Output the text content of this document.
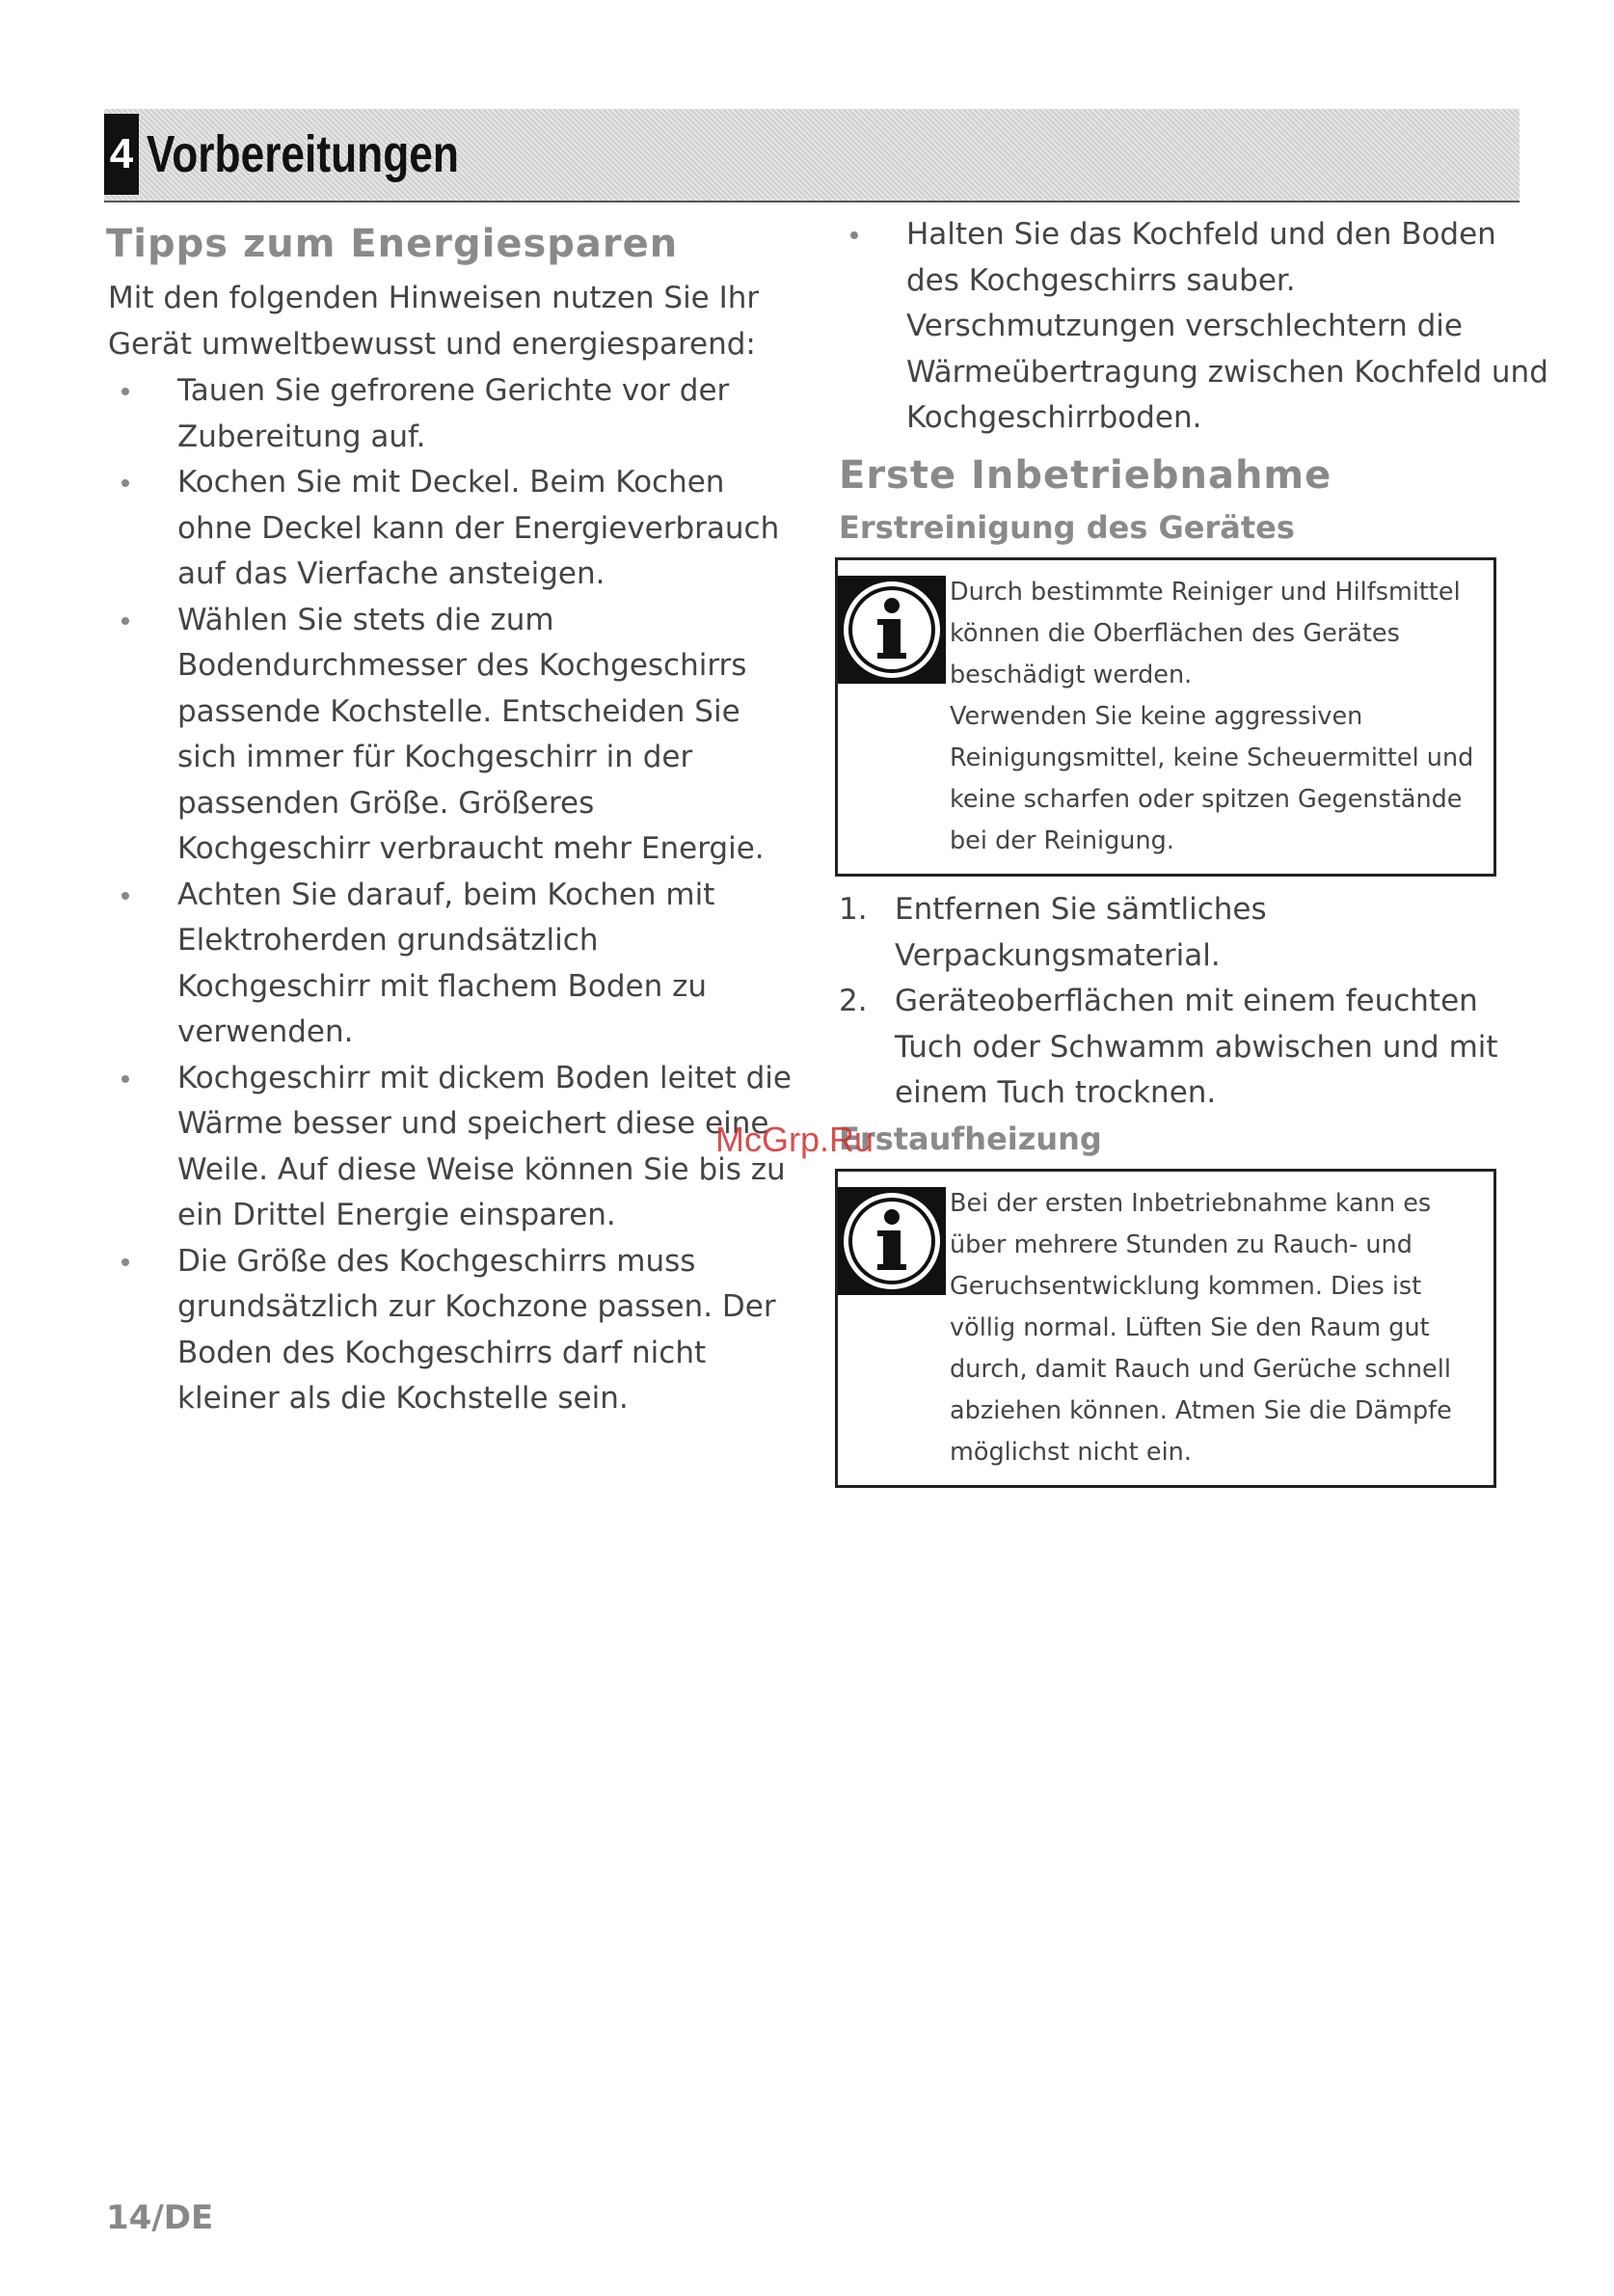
4 Vorbereitungen
Tipps zum Energiesparen

Mit den folgenden Hinweisen nutzen Sie Ihr Gerät umweltbewusst und energiesparend:

Tauen Sie gefrorene Gerichte vor der Zubereitung auf.
Kochen Sie mit Deckel. Beim Kochen ohne Deckel kann der Energieverbrauch auf das Vierfache ansteigen.
Wählen Sie stets die zum Bodendurchmesser des Kochgeschirrs passende Kochstelle. Entscheiden Sie sich immer für Kochgeschirr in der passenden Größe. Größeres Kochgeschirr verbraucht mehr Energie.
Achten Sie darauf, beim Kochen mit Elektroherden grundsätzlich Kochgeschirr mit flachem Boden zu verwenden.
Kochgeschirr mit dickem Boden leitet die Wärme besser und speichert diese eine Weile. Auf diese Weise können Sie bis zu ein Drittel Energie einsparen.
Die Größe des Kochgeschirrs muss grundsätzlich zur Kochzone passen. Der Boden des Kochgeschirrs darf nicht kleiner als die Kochstelle sein.
Halten Sie das Kochfeld und den Boden des Kochgeschirrs sauber. Verschmutzungen verschlechtern die Wärmeübertragung zwischen Kochfeld und Kochgeschirrboden.
Erste Inbetriebnahme
Erstreinigung des Gerätes
Durch bestimmte Reiniger und Hilfsmittel können die Oberflächen des Gerätes beschädigt werden.
Verwenden Sie keine aggressiven Reinigungsmittel, keine Scheuermittel und keine scharfen oder spitzen Gegenstände bei der Reinigung.
1. Entfernen Sie sämtliches Verpackungsmaterial.
2. Geräteoberflächen mit einem feuchten Tuch oder Schwamm abwischen und mit einem Tuch trocknen.
Erstaufheizung
McGrp.Ru
Bei der ersten Inbetriebnahme kann es über mehrere Stunden zu Rauch- und Geruchsentwicklung kommen. Dies ist völlig normal. Lüften Sie den Raum gut durch, damit Rauch und Gerüche schnell abziehen können. Atmen Sie die Dämpfe möglichst nicht ein.
14/DE
